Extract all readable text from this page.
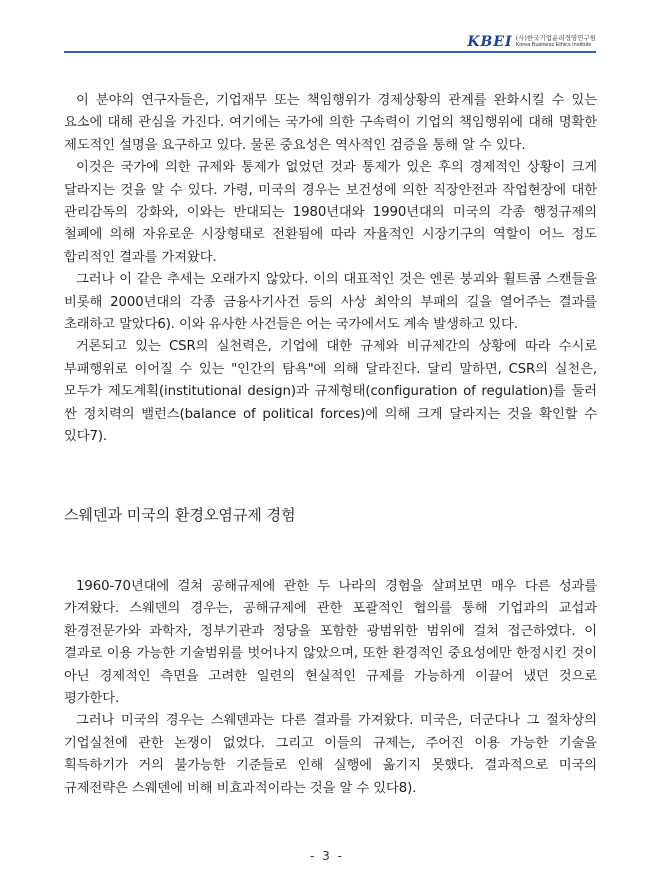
KBEI (사)한국기업윤리경영연구원
Korea Business Ethics Institute

이 분야의 연구자들은, 기업재무 또는 책임행위가 경제상황의 관계를 완화시킬 수 있는 요소에 대해 관심을 가진다. 여기에는 국가에 의한 구속력이 기업의 책임행위에 대해 명확한 제도적인 설명을 요구하고 있다. 물론 중요성은 역사적인 검증을 통해 알 수 있다.

이것은 국가에 의한 규제와 통제가 없었던 것과 통제가 있은 후의 경제적인 상황이 크게 달라지는 것을 알 수 있다. 가령, 미국의 경우는 보건성에 의한 직장안전과 작업현장에 대한 관리감독의 강화와, 이와는 반대되는 1980년대와 1990년대의 미국의 각종 행정규제의 철폐에 의해 자유로운 시장형태로 전환됨에 따라 자율적인 시장기구의 역할이 어느 정도 합리적인 결과를 가져왔다.

그러나 이 같은 추세는 오래가지 않았다. 이의 대표적인 것은 엔론 붕괴와 휠트콤 스캔들을 비롯해 2000년대의 각종 금융사기사건 등의 사상 최악의 부패의 길을 열어주는 결과를 초래하고 말았다6). 이와 유사한 사건들은 어는 국가에서도 계속 발생하고 있다.

거론되고 있는 CSR의 실천력은, 기업에 대한 규제와 비규제간의 상황에 따라 수시로 부패행위로 이어질 수 있는 "인간의 탐욕"에 의해 달라진다. 달리 말하면, CSR의 실천은, 모두가 제도계획(institutional design)과 규제형태(configuration of regulation)를 둘러 싼 정치력의 밸런스(balance of political forces)에 의해 크게 달라지는 것을 확인할 수 있다7).

스웨덴과 미국의 환경오염규제 경험

1960-70년대에 걸쳐 공해규제에 관한 두 나라의 경험을 살펴보면 매우 다른 성과를 가져왔다. 스웨덴의 경우는, 공해규제에 관한 포괄적인 협의를 통해 기업과의 교섭과 환경전문가와 과학자, 정부기관과 정당을 포함한 광범위한 범위에 걸쳐 접근하였다. 이 결과로 이용 가능한 기술범위를 벗어나지 않았으며, 또한 환경적인 중요성에만 한정시킨 것이 아닌 경제적인 측면을 고려한 일련의 현실적인 규제를 가능하게 이끌어 냈던 것으로 평가한다.

그러나 미국의 경우는 스웨덴과는 다른 결과를 가져왔다. 미국은, 더군다나 그 절차상의 기업실천에 관한 논쟁이 없었다. 그리고 이들의 규제는, 주어진 이용 가능한 기술을 획득하기가 거의 불가능한 기준들로 인해 실행에 옮기지 못했다. 결과적으로 미국의 규제전략은 스웨덴에 비해 비효과적이라는 것을 알 수 있다8).

- 3 -
